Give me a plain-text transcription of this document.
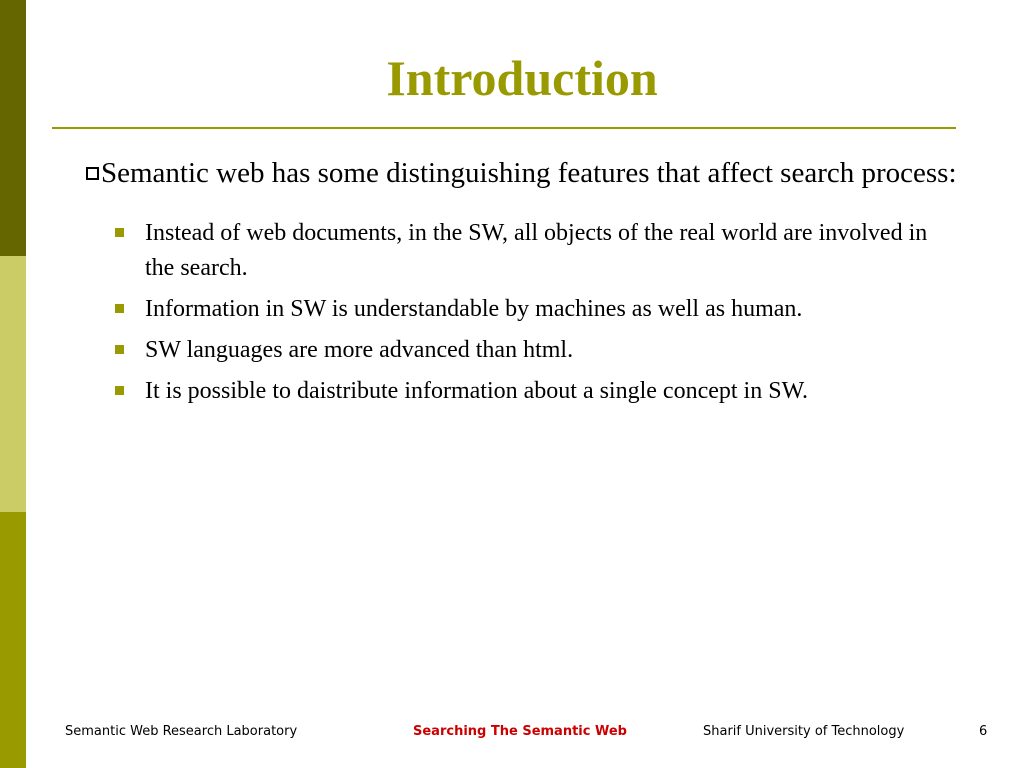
Introduction
Semantic web has some distinguishing features that affect search process:
Instead of web documents, in the SW, all objects of the real world are involved in the search.
Information in SW is understandable by machines as well as human.
SW languages are more advanced than html.
It is possible to daistribute information about a single concept in SW.
Semantic Web Research Laboratory	Searching The Semantic Web	Sharif University of Technology	6
